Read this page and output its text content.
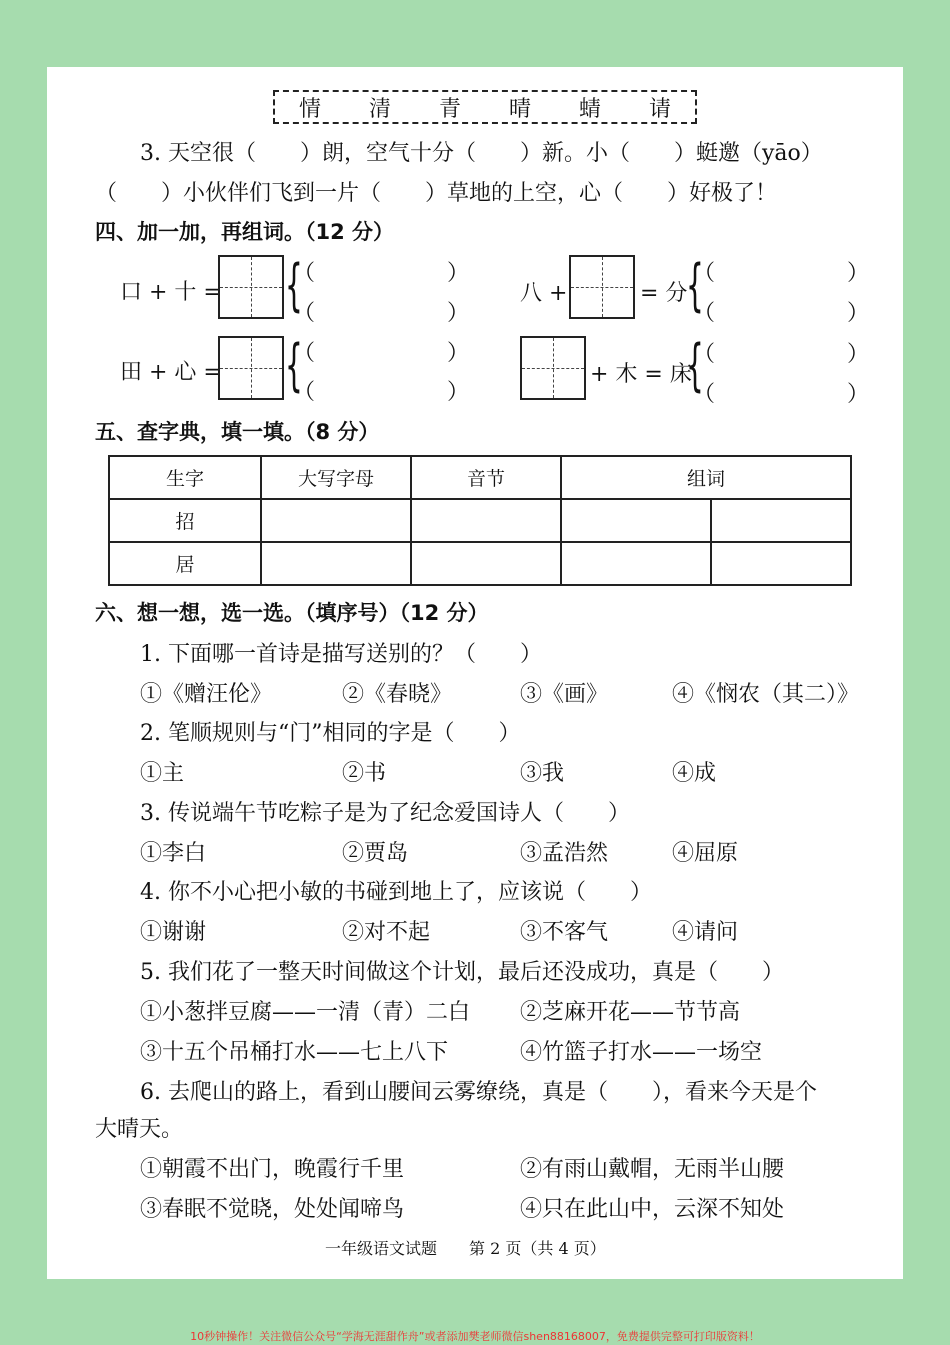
情 清 青 晴 蜻 请
3. 天空很（　　）朗，空气十分（　　）新。小（　　）蜓邀（yāo）
（　　）小伙伴们飞到一片（　　）草地的上空，心（　　）好极了！
四、加一加，再组词。（12 分）
口 + 十 = {
（　　　　　　）
（　　　　　　）
八 +	= 分
{
（　　　　　　）
（　　　　　　）
田 + 心 = {
（　　　　　　）
（　　　　　　）
+ 木 = 床
{
（　　　　　　）
（　　　　　　）
五、查字典，填一填。（8 分）
生字	大写字母	音节	组词	
招				
居				
六、想一想，选一选。（填序号）（12 分）
1. 下面哪一首诗是描写送别的？（　　）
①《赠汪伦》	②《春晓》	③《画》	④《悯农（其二）》
2. 笔顺规则与“门”相同的字是（　　）
①主	②书	③我	④成
3. 传说端午节吃粽子是为了纪念爱国诗人（　　）
①李白	②贾岛	③孟浩然	④屈原
4. 你不小心把小敏的书碰到地上了，应该说（　　）
①谢谢	②对不起	③不客气	④请问
5. 我们花了一整天时间做这个计划，最后还没成功，真是（　　）
①小葱拌豆腐——一清（青）二白 ②芝麻开花——节节高
③十五个吊桶打水——七上八下	④竹篮子打水——一场空
6. 去爬山的路上，看到山腰间云雾缭绕，真是（　　），看来今天是个
大晴天。
①朝霞不出门，晚霞行千里	②有雨山戴帽，无雨半山腰
③春眠不觉晓，处处闻啼鸟	④只在此山中，云深不知处
一年级语文试题　　第 2 页（共 4 页）
10秒钟操作！关注微信公众号“学海无涯甜作舟”或者添加樊老师微信shen88168007，免费提供完整可打印版资料！
